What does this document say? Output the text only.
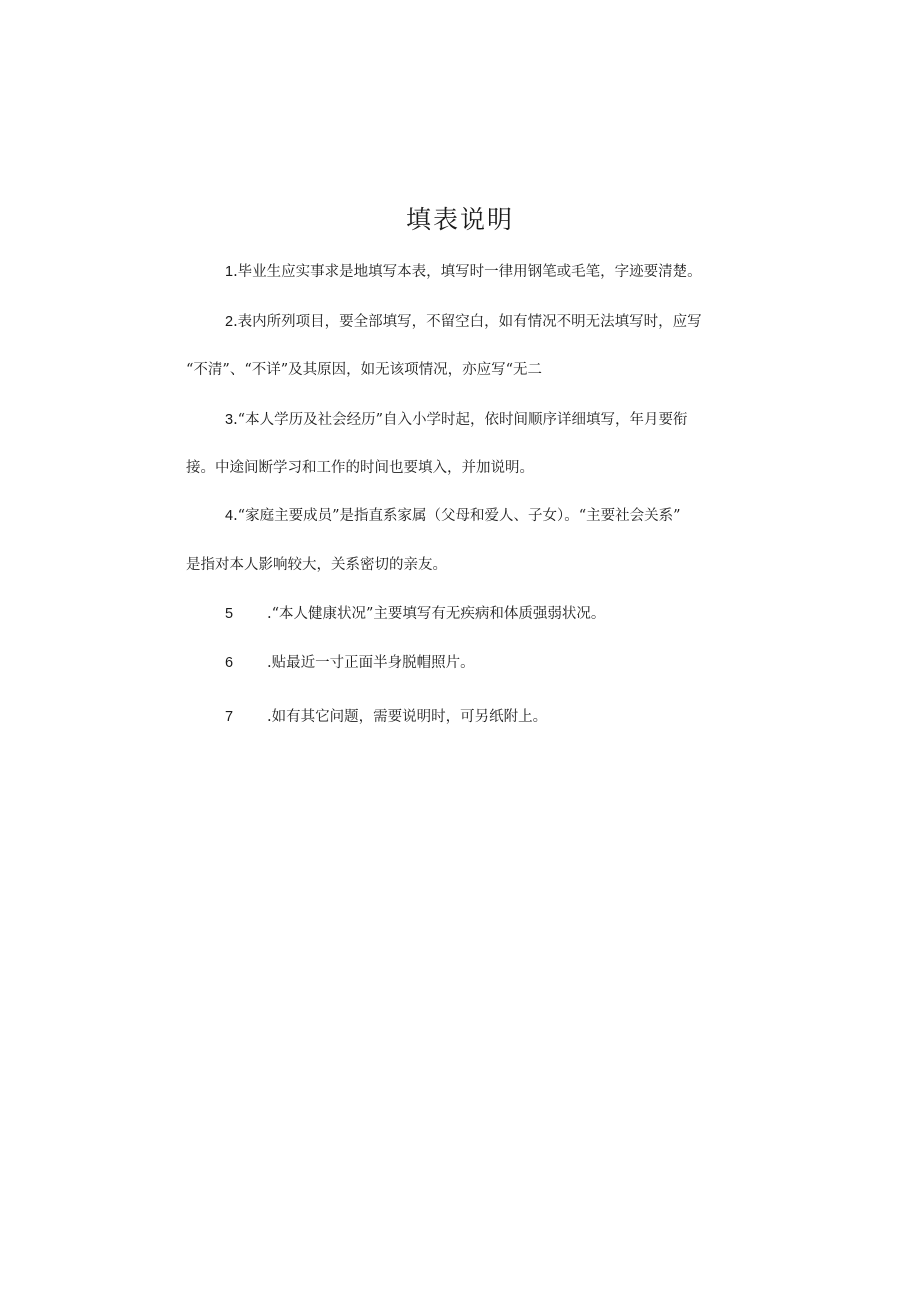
填表说明
1.毕业生应实事求是地填写本表，填写时一律用钢笔或毛笔，字迹要清楚。
2.表内所列项目，要全部填写，不留空白，如有情况不明无法填写时，应写
“不清”、“不详”及其原因，如无该项情况，亦应写“无二
3.“本人学历及社会经历”自入小学时起，依时间顺序详细填写，年月要衔
接。中途间断学习和工作的时间也要填入，并加说明。
4.“家庭主要成员”是指直系家属（父母和爱人、子女）。“主要社会关系”
是指对本人影响较大，关系密切的亲友。
5 .“本人健康状况”主要填写有无疾病和体质强弱状况。
6 .贴最近一寸正面半身脱帽照片。
7 .如有其它问题，需要说明时，可另纸附上。
